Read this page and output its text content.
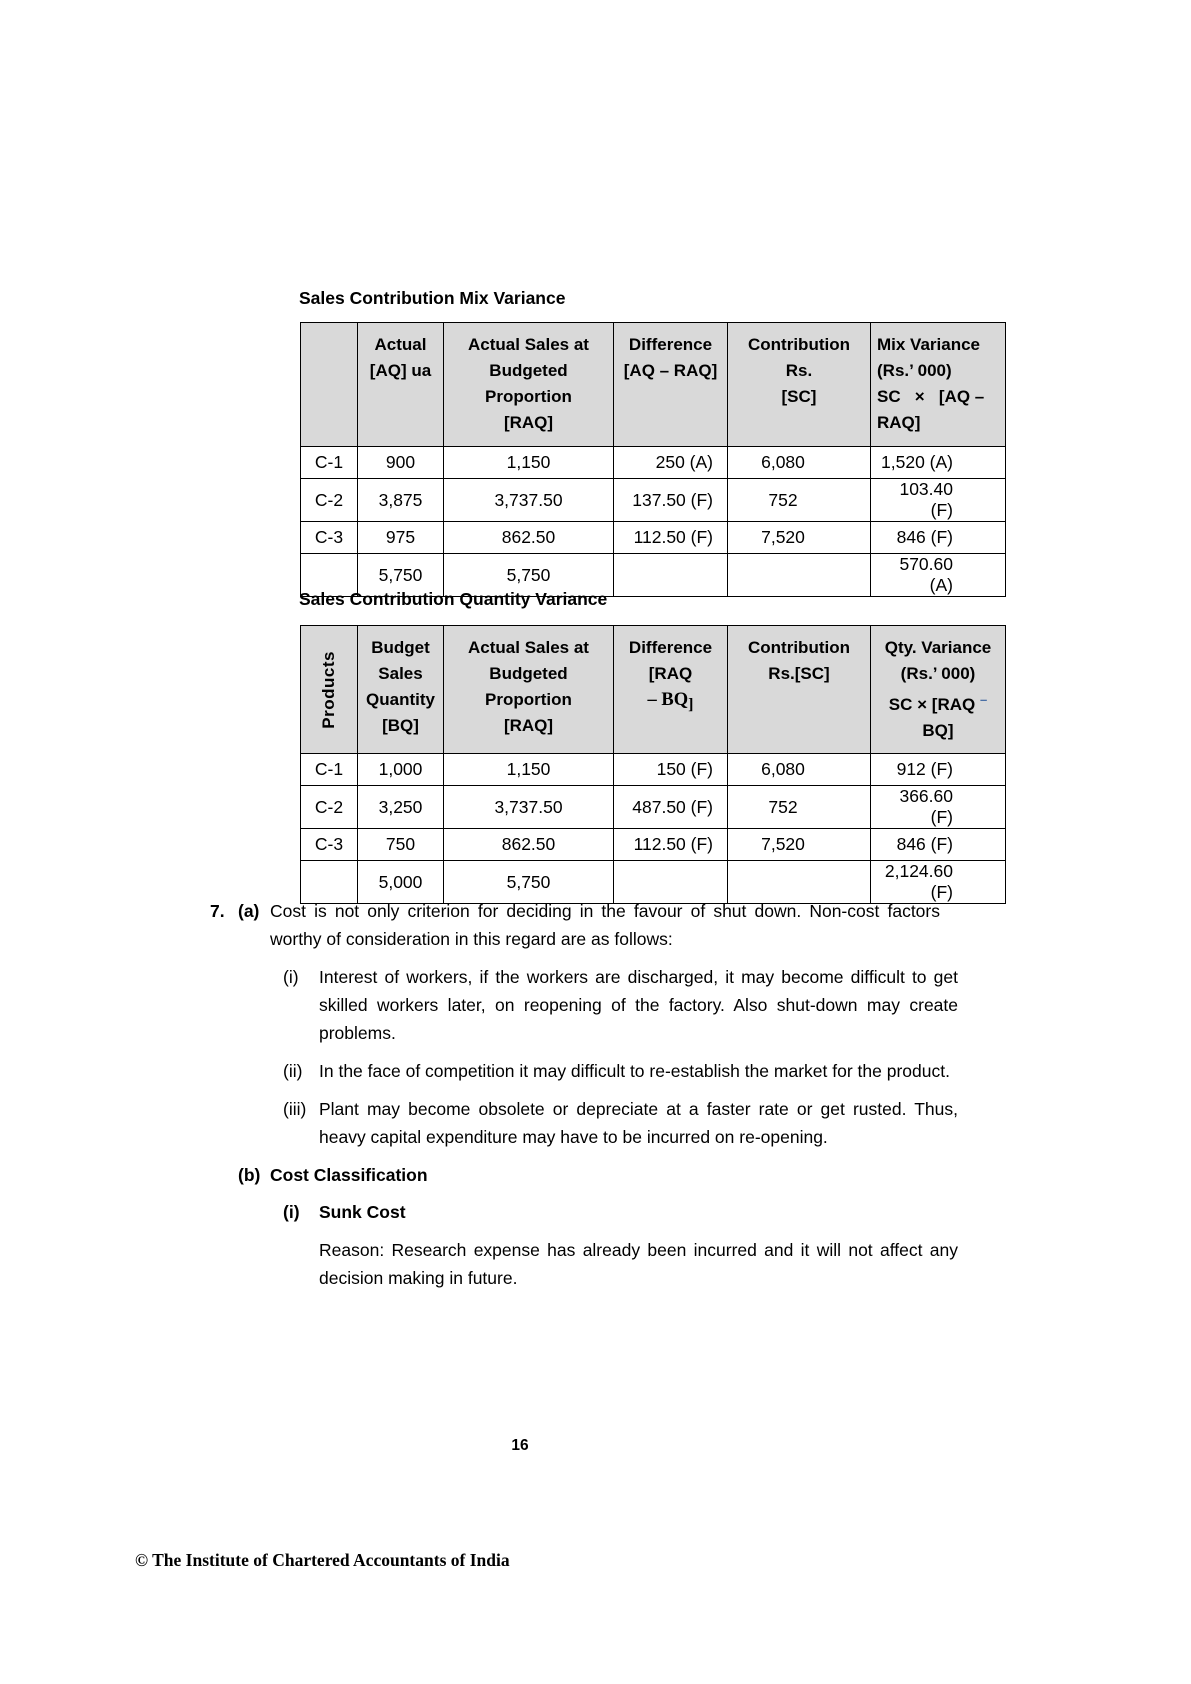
Sales Contribution Mix Variance

	Actual
[AQ] ua	Actual Sales at
Budgeted
Proportion
[RAQ]	Difference
[AQ – RAQ]	Contribution
Rs.
[SC]	Mix Variance
(Rs.’ 000)
SC   ×   [AQ –
RAQ]

C-1	900	1,150	250 (A)	6,080	1,520 (A)
C-2	3,875	3,737.50	137.50 (F)	752	103.40 (F)
C-3	975	862.50	112.50 (F)	7,520	846 (F)
	5,750	5,750			570.60 (A)
Sales Contribution Quantity Variance
Products	Budget
Sales
Quantity
[BQ]	Actual Sales at
Budgeted
Proportion
[RAQ]	Difference
[RAQ
– BQ]	Contribution
Rs.[SC]	Qty. Variance
(Rs.’ 000)
SC × [RAQ –
BQ]

C-1	1,000	1,150	150 (F)	6,080	912 (F)
C-2	3,250	3,737.50	487.50 (F)	752	366.60 (F)
C-3	750	862.50	112.50 (F)	7,520	846 (F)
	5,000	5,750			2,124.60 (F)
7. (a) Cost is not only criterion for deciding in the favour of shut down. Non-cost factors worthy of consideration in this regard are as follows:
(i)	Interest of workers, if the workers are discharged, it may become difficult to get skilled workers later, on reopening of the factory. Also shut-down may create problems.
(ii) In the face of competition it may difficult to re-establish the market for the product.
(iii) Plant may become obsolete or depreciate at a faster rate or get rusted. Thus, heavy capital expenditure may have to be incurred on re-opening.
(b) Cost Classification
(i)	Sunk Cost
Reason: Research expense has already been incurred and it will not affect any decision making in future.
16
© The Institute of Chartered Accountants of India
